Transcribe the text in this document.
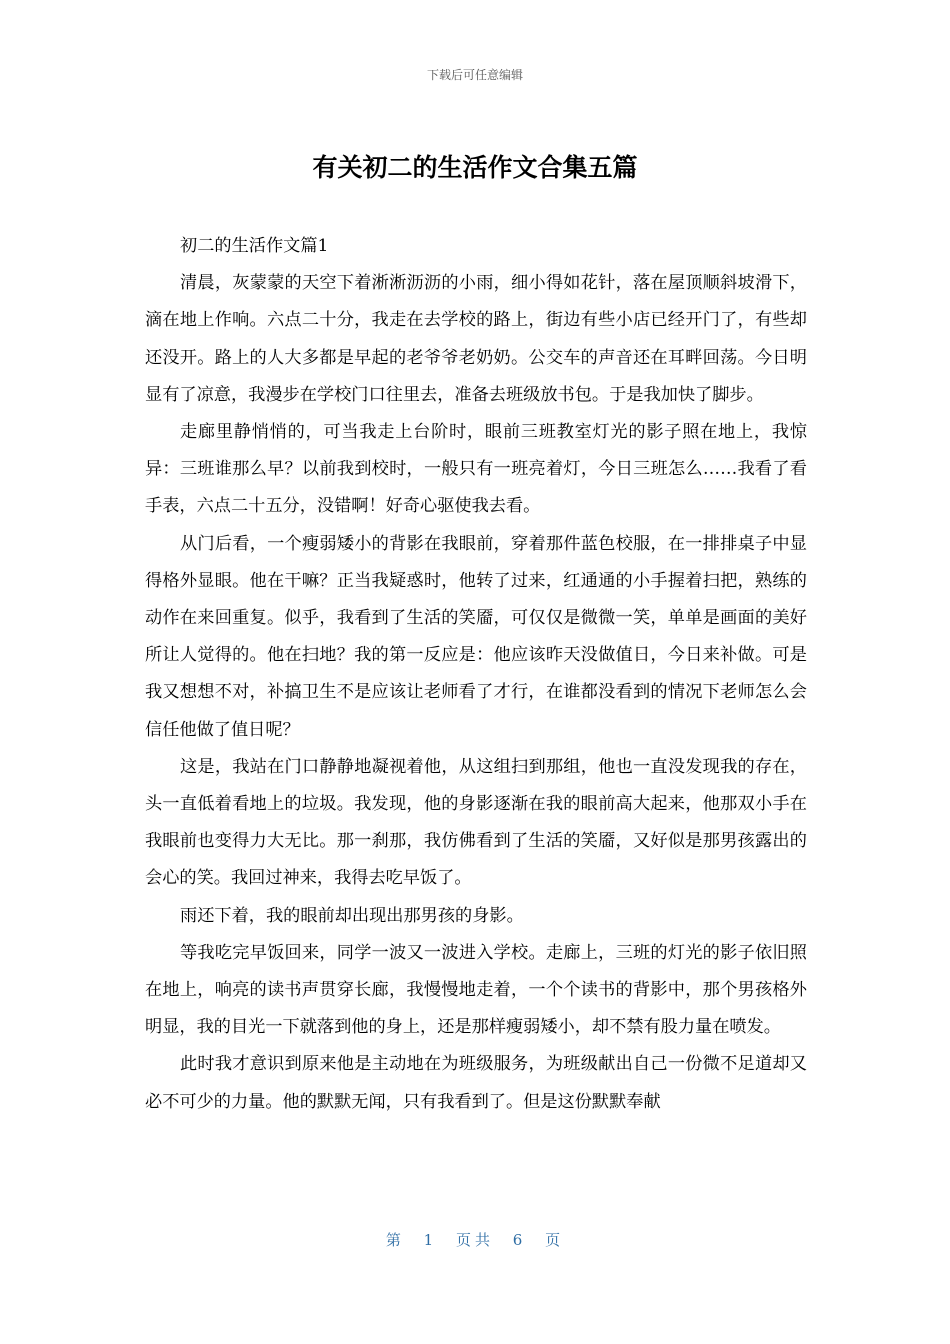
下载后可任意编辑
有关初二的生活作文合集五篇

初二的生活作文篇1

清晨，灰蒙蒙的天空下着淅淅沥沥的小雨，细小得如花针，落在屋顶顺斜坡滑下，滴在地上作响。六点二十分，我走在去学校的路上，街边有些小店已经开门了，有些却还没开。路上的人大多都是早起的老爷爷老奶奶。公交车的声音还在耳畔回荡。今日明显有了凉意，我漫步在学校门口往里去，准备去班级放书包。于是我加快了脚步。

走廊里静悄悄的，可当我走上台阶时，眼前三班教室灯光的影子照在地上，我惊异：三班谁那么早？以前我到校时，一般只有一班亮着灯，今日三班怎么……我看了看手表，六点二十五分，没错啊！好奇心驱使我去看。

从门后看，一个瘦弱矮小的背影在我眼前，穿着那件蓝色校服，在一排排桌子中显得格外显眼。他在干嘛？正当我疑惑时，他转了过来，红通通的小手握着扫把，熟练的动作在来回重复。似乎，我看到了生活的笑靥，可仅仅是微微一笑，单单是画面的美好所让人觉得的。他在扫地？我的第一反应是：他应该昨天没做值日，今日来补做。可是我又想想不对，补搞卫生不是应该让老师看了才行，在谁都没看到的情况下老师怎么会信任他做了值日呢？

这是，我站在门口静静地凝视着他，从这组扫到那组，他也一直没发现我的存在，头一直低着看地上的垃圾。我发现，他的身影逐渐在我的眼前高大起来，他那双小手在我眼前也变得力大无比。那一刹那，我仿佛看到了生活的笑靥，又好似是那男孩露出的会心的笑。我回过神来，我得去吃早饭了。

雨还下着，我的眼前却出现出那男孩的身影。

等我吃完早饭回来，同学一波又一波进入学校。走廊上，三班的灯光的影子依旧照在地上，响亮的读书声贯穿长廊，我慢慢地走着，一个个读书的背影中，那个男孩格外明显，我的目光一下就落到他的身上，还是那样瘦弱矮小，却不禁有股力量在喷发。

此时我才意识到原来他是主动地在为班级服务，为班级献出自己一份微不足道却又必不可少的力量。他的默默无闻，只有我看到了。但是这份默默奉献

第 1 页共 6 页
